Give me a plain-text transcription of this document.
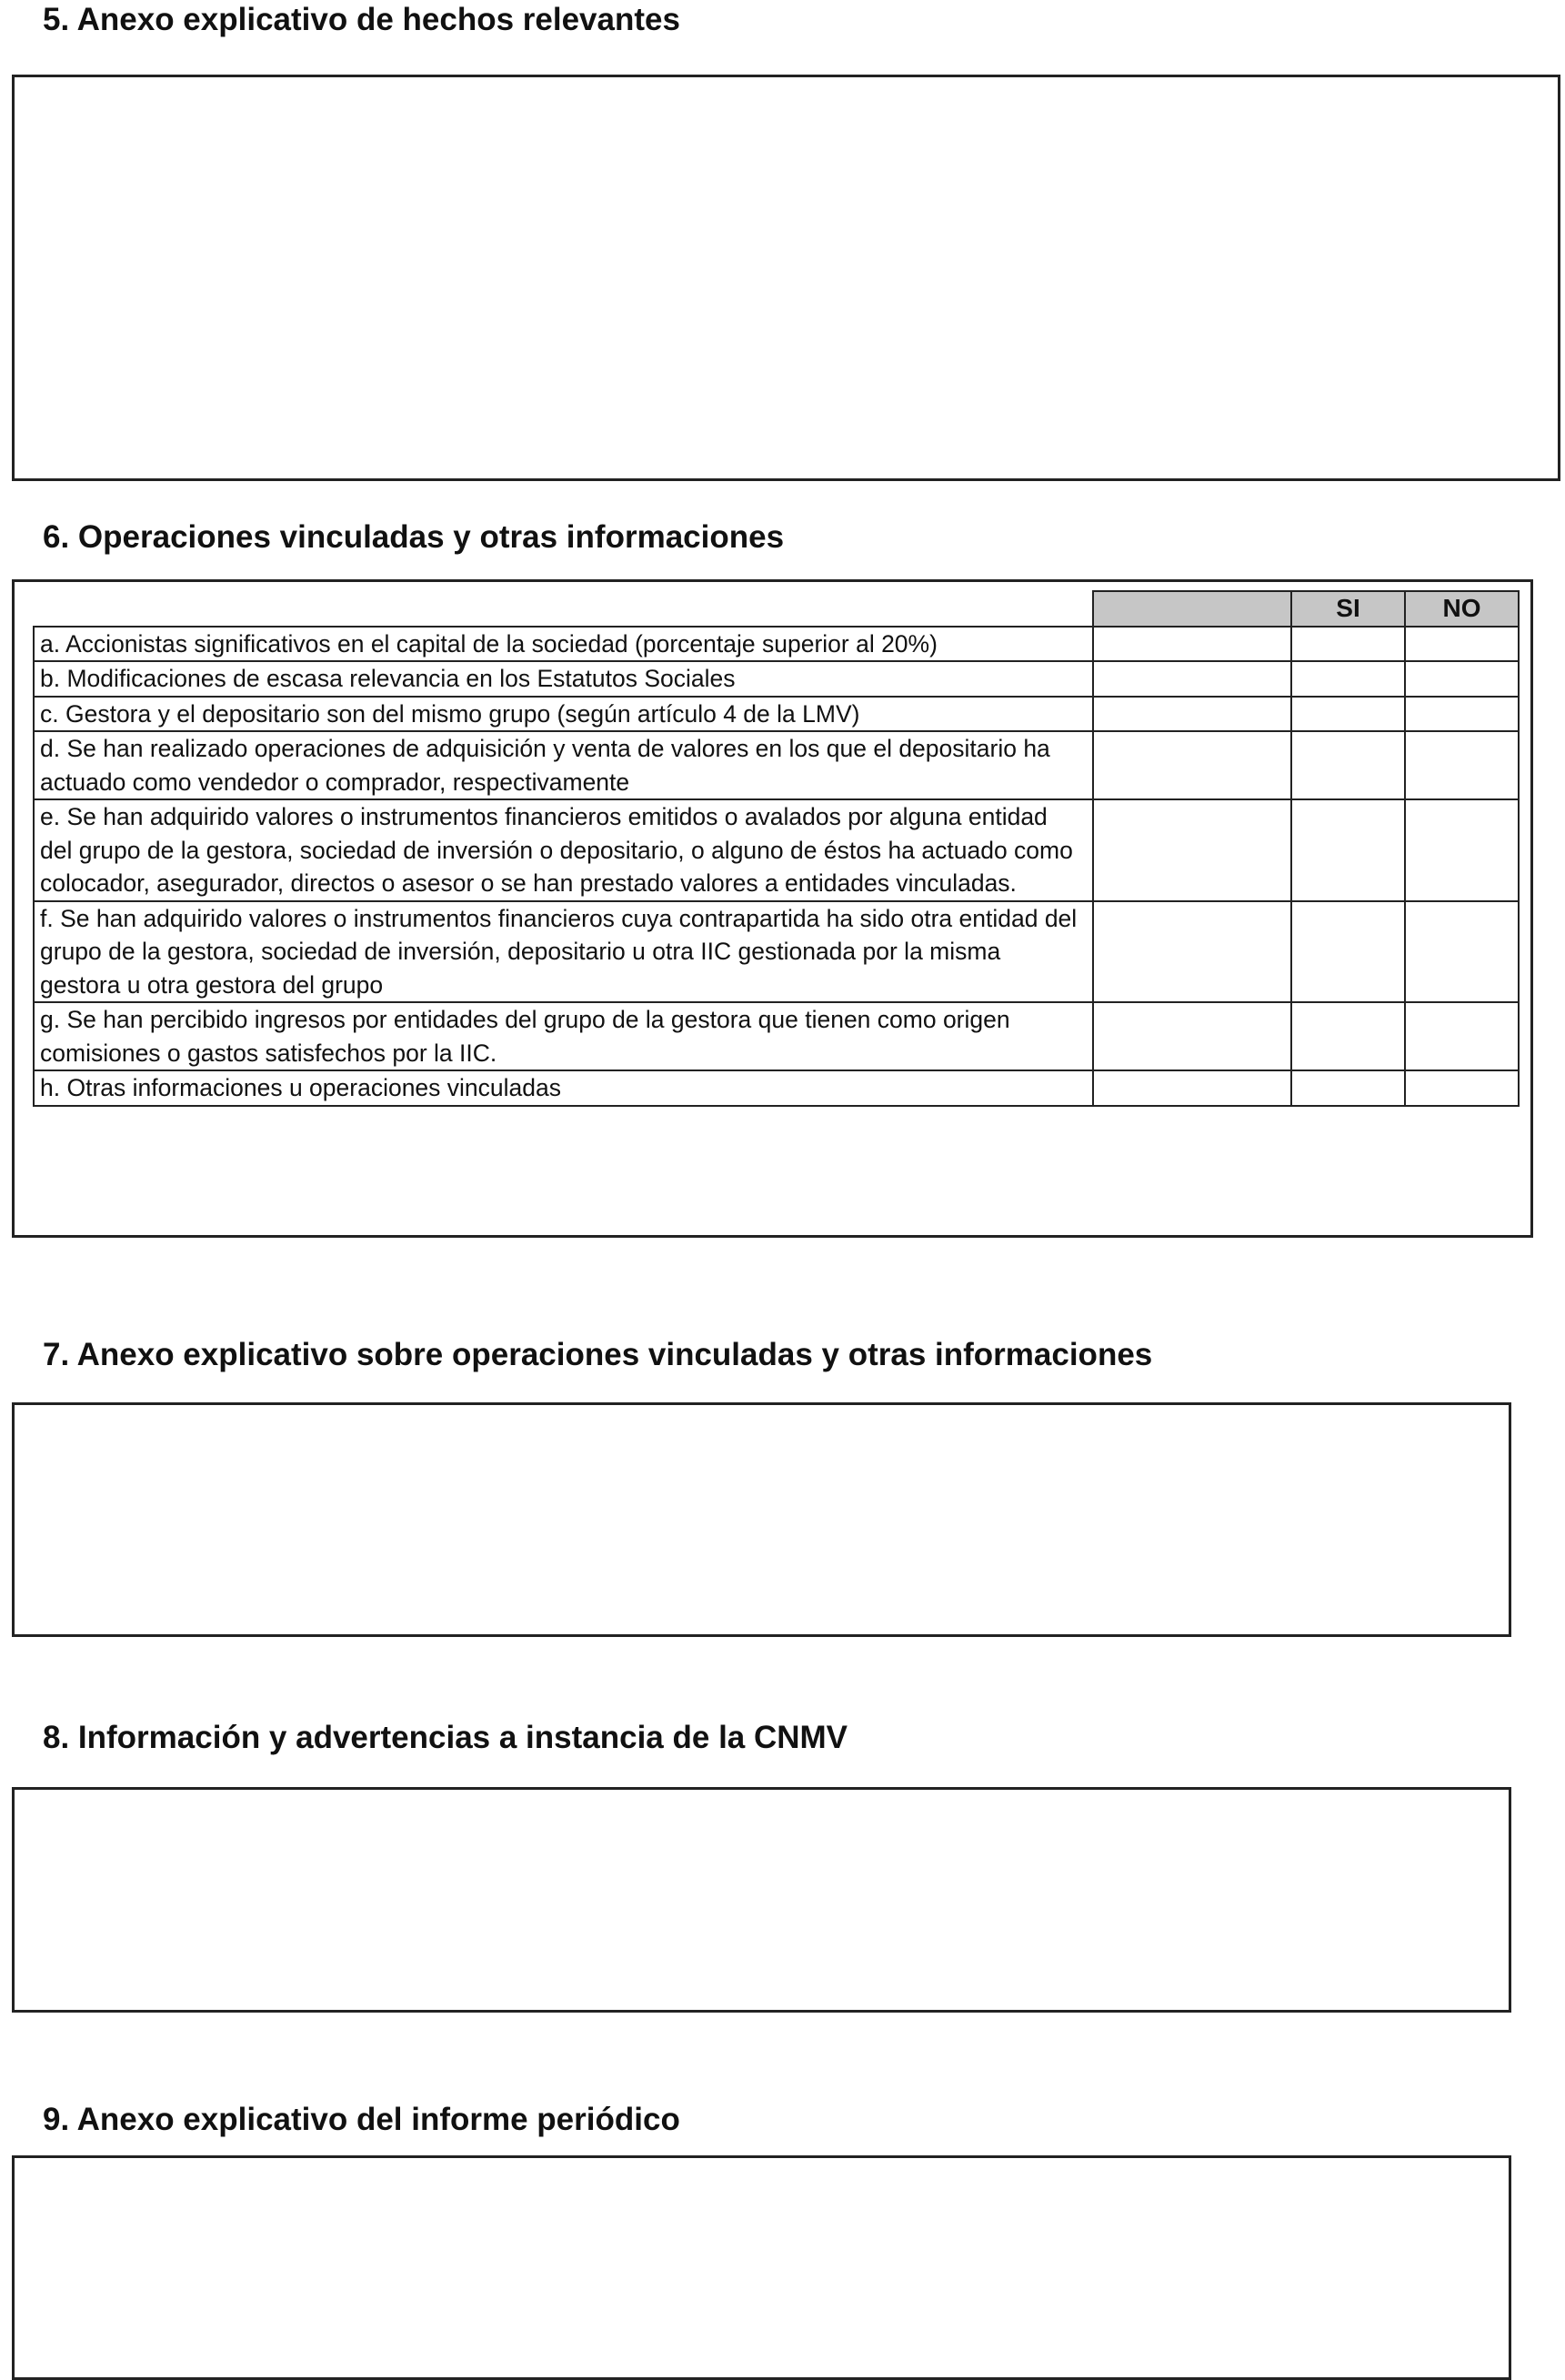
5. Anexo explicativo de hechos relevantes
6. Operaciones vinculadas y otras informaciones
		SI	NO
a. Accionistas significativos en el capital de la sociedad (porcentaje superior al 20%)			
b. Modificaciones de escasa relevancia en los Estatutos Sociales			
c. Gestora y el depositario son del mismo grupo (según artículo 4 de la LMV)			
d. Se han realizado operaciones de adquisición y venta de valores en los que el depositario ha actuado como vendedor o comprador, respectivamente			
e. Se han adquirido valores o instrumentos financieros emitidos o avalados por alguna entidad del grupo de la gestora, sociedad de inversión o depositario, o alguno de éstos ha actuado como colocador, asegurador, directos o asesor o se han prestado valores a entidades vinculadas.			
f. Se han adquirido valores o instrumentos financieros cuya contrapartida ha sido otra entidad del grupo de la gestora, sociedad de inversión, depositario u otra IIC gestionada por la misma gestora u otra gestora del grupo			
g. Se han percibido ingresos por entidades del grupo de la gestora que tienen como origen comisiones o gastos satisfechos por la IIC.			
h. Otras informaciones u operaciones vinculadas			
7. Anexo explicativo sobre operaciones vinculadas y otras informaciones
8. Información y advertencias a instancia de la CNMV
9. Anexo explicativo del informe periódico
